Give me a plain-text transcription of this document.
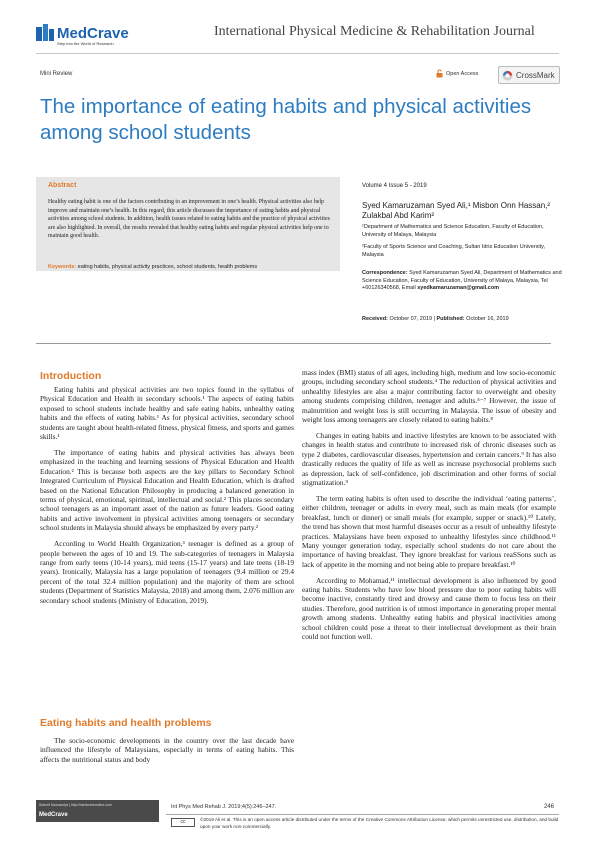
MedCrave
Step into the World of Research
International Physical Medicine & Rehabilitation Journal
Mini Review	Open Access	CrossMark
The importance of eating habits and physical activities among school students
Abstract
Healthy eating habit is one of the factors contributing to an improvement in one’s health. Physical activities also help improve and maintain one’s health. In this regard, this article discusses the importance of eating habits and physical activities among school students. In addition, health issues related to eating habits and the practice of physical activities are also highlighted. In overall, the results revealed that healthy eating habits and regular physical activities help one to maintain good health.
Keywords: eating habits, physical activity practices, school students, health problems
Volume 4 Issue 5 - 2019
Syed Kamaruzaman Syed Ali,¹ Misbon Onn Hassan,² Zulakbal Abd Karim²
¹Department of Mathematics and Science Education, Faculty of Education, University of Malaya, Malaysia
²Faculty of Sports Science and Coaching, Sultan Idris Education University, Malaysia
Correspondence: Syed Kamaruzaman Syed Ali, Department of Mathematics and Science Education, Faculty of Education, University of Malaya, Malaysia, Tel +60126340568, Email syedkamaruzaman@gmail.com
Received: October 07, 2019 | Published: October 16, 2019
Introduction

Eating habits and physical activities are two topics found in the syllabus of Physical Education and Health in secondary schools.¹ The aspects of eating habits exposed to school students include healthy and safe eating habits, unhealthy eating habits and the effects of eating habits.¹ As for physical activities, secondary school students are taught about health-related fitness, physical fitness, and sports and games skills.¹

The importance of eating habits and physical activities has always been emphasized in the teaching and learning sessions of Physical Education and Health Education.² This is because both aspects are the key pillars to Secondary School Integrated Curriculum of Physical Education and Health Education, which is drafted based on the National Education Philosophy in producing a balanced generation in terms of physical, emotional, spiritual, intellectual and social.² This places secondary school teenagers as an important asset of the nation as future leaders. Good eating habits and active involvement in physical activities among teenagers or secondary school students in Malaysia should always be emphasized by every party.²

According to World Health Organization,³ teenager is defined as a group of people between the ages of 10 and 19. The sub-categories of teenagers in Malaysia range from early teens (10-14 years), mid teens (15-17 years) and late teens (18-19 years). Ironically, Malaysia has a large population of teenagers (9.4 million or 29.4 percent of the total 32.4 million population) and the majority of them are school students (Department of Statistics Malaysia, 2018) and among them, 2.076 million are secondary school students (Ministry of Education, 2019).

Eating habits and health problems

The socio-economic developments in the country over the last decade have influenced the lifestyle of Malaysians, especially in terms of eating habits. This affects the nutritional status and body

mass index (BMI) status of all ages, including high, medium and low socio-economic groups, including secondary school students.⁴ The reduction of physical activities and unhealthy lifestyles are also a major contributing factor to overweight and obesity among students comprising children, teenager and adults.⁵⁻⁷ However, the issue of malnutrition and weight loss is still occurring in Malaysia. The issue of obesity and weight loss among teenagers are closely related to eating habits.⁸

Changes in eating habits and inactive lifestyles are known to be associated with changes in health status and contribute to increased risk of chronic diseases such as type 2 diabetes, cardiovascular diseases, hypertension and certain cancers.⁹ It has also drastically reduces the quality of life as well as increase psychosocial problems such as depression, lack of self-confidence, job discrimination and other forms of social stigmatization.⁹

The term eating habits is often used to describe the individual ‘eating patterns’, either children, teenager or adults in every meal, such as main meals (for example breakfast, lunch or dinner) or small meals (for example, supper or snack).¹⁰ Lately, the trend has shown that most harmful diseases occur as a result of unhealthy lifestyle practices. Malaysians have been exposed to unhealthy lifestyles since childhood.¹¹ Many younger generation today, especially school students do not care about the importance of having breakfast. They ignore breakfast for various reaSSons such as lack of appetite in the morning and not being able to prepare breakfast.¹⁰

According to Mohamad,¹¹ intellectual development is also influenced by good eating habits. Students who have low blood pressure due to poor eating habits will become inactive, constantly tired and drowsy and cause them to focus less on their studies. Therefore, good nutrition is of utmost importance in generating proper mental growth among students. Unhealthy eating habits and physical inactivities among school children could pose a threat to their intellectual development as their brain could not function well.

Submit Manuscript | http://medcraveonline.com
MedCrave
Int Phys Med Rehab J. 2019;4(5):246‒247.	246
cc	©2019 Ali et al. This is an open access article distributed under the terms of the Creative Commons Attribution License, which permits unrestricted use, distribution, and build upon your work non-commercially.
